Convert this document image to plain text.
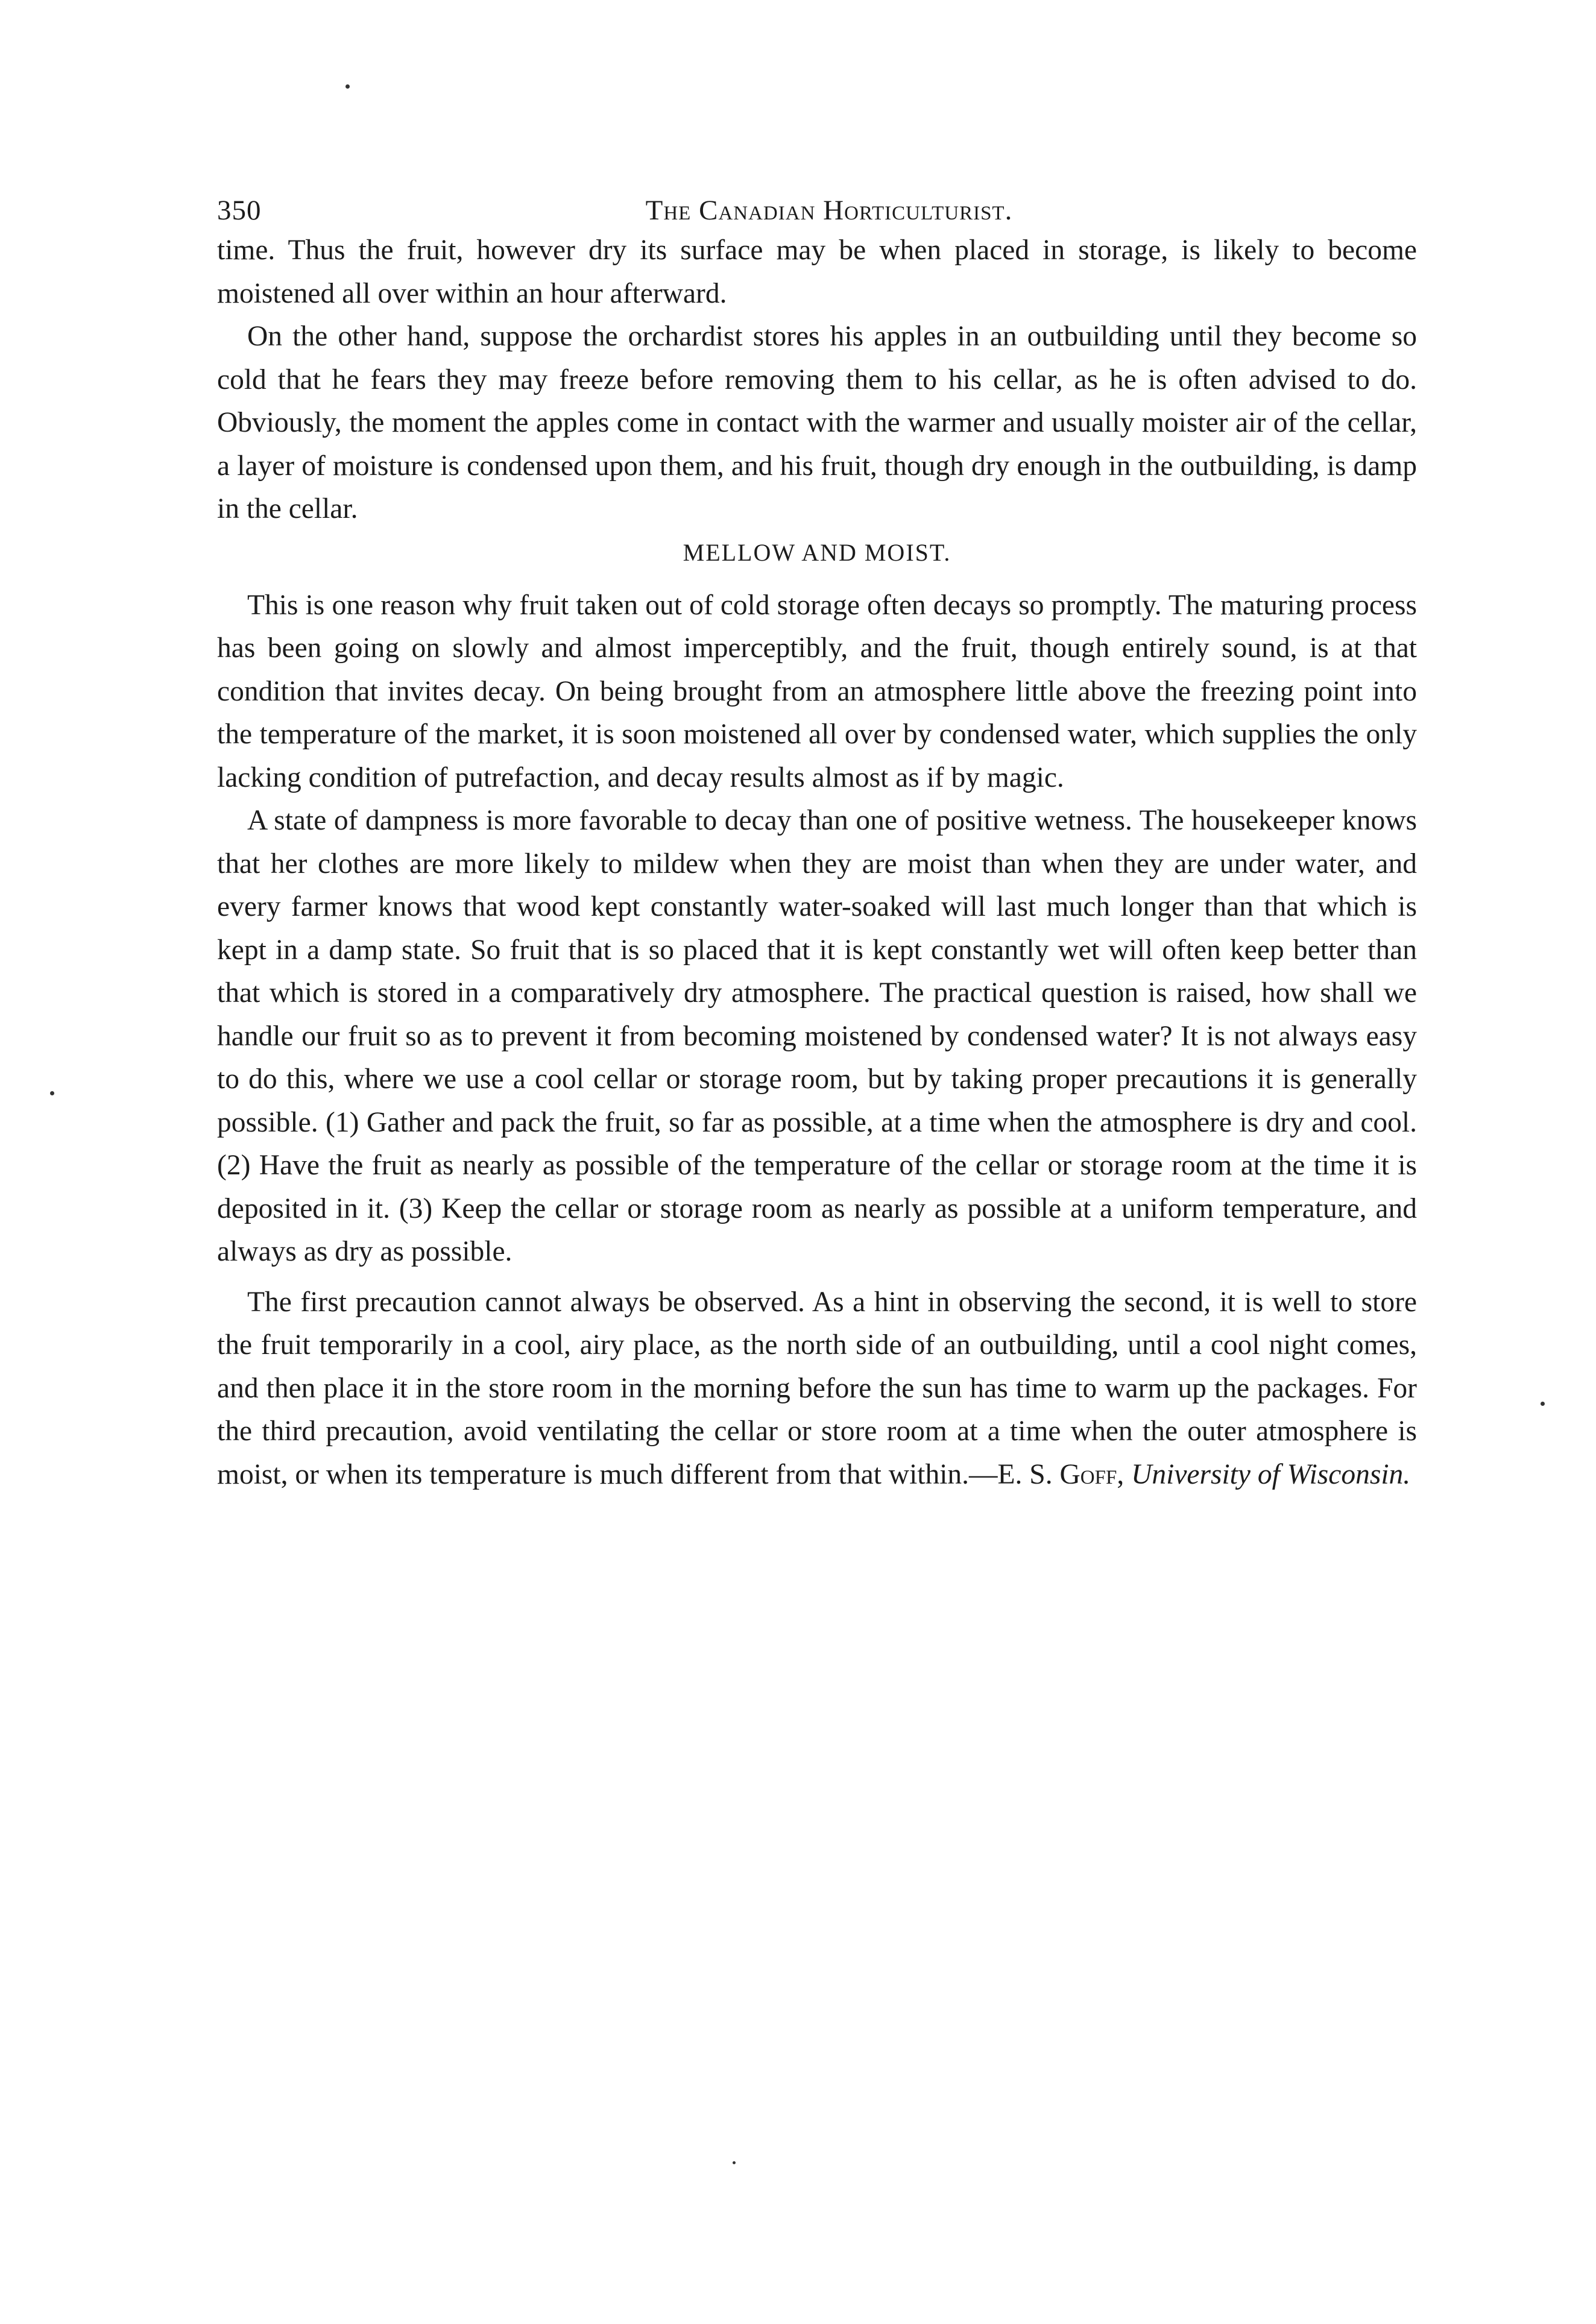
350	The Canadian Horticulturist.

time. Thus the fruit, however dry its surface may be when placed in storage, is likely to become moistened all over within an hour afterward.

On the other hand, suppose the orchardist stores his apples in an outbuilding until they become so cold that he fears they may freeze before removing them to his cellar, as he is often advised to do. Obviously, the moment the apples come in contact with the warmer and usually moister air of the cellar, a layer of moisture is condensed upon them, and his fruit, though dry enough in the outbuilding, is damp in the cellar.

MELLOW AND MOIST.

This is one reason why fruit taken out of cold storage often decays so promptly. The maturing process has been going on slowly and almost imperceptibly, and the fruit, though entirely sound, is at that condition that invites decay. On being brought from an atmosphere little above the freezing point into the temperature of the market, it is soon moistened all over by condensed water, which supplies the only lacking condition of putrefaction, and decay results almost as if by magic.

A state of dampness is more favorable to decay than one of positive wetness. The housekeeper knows that her clothes are more likely to mildew when they are moist than when they are under water, and every farmer knows that wood kept constantly water-soaked will last much longer than that which is kept in a damp state. So fruit that is so placed that it is kept constantly wet will often keep better than that which is stored in a comparatively dry atmosphere. The practical question is raised, how shall we handle our fruit so as to prevent it from becoming moistened by condensed water? It is not always easy to do this, where we use a cool cellar or storage room, but by taking proper precautions it is generally possible. (1) Gather and pack the fruit, so far as possible, at a time when the atmosphere is dry and cool. (2) Have the fruit as nearly as possible of the temperature of the cellar or storage room at the time it is deposited in it. (3) Keep the cellar or storage room as nearly as possible at a uniform temperature, and always as dry as possible.

The first precaution cannot always be observed. As a hint in observing the second, it is well to store the fruit temporarily in a cool, airy place, as the north side of an outbuilding, until a cool night comes, and then place it in the store room in the morning before the sun has time to warm up the packages. For the third precaution, avoid ventilating the cellar or store room at a time when the outer atmosphere is moist, or when its temperature is much different from that within.—E. S. Goff, University of Wisconsin.
